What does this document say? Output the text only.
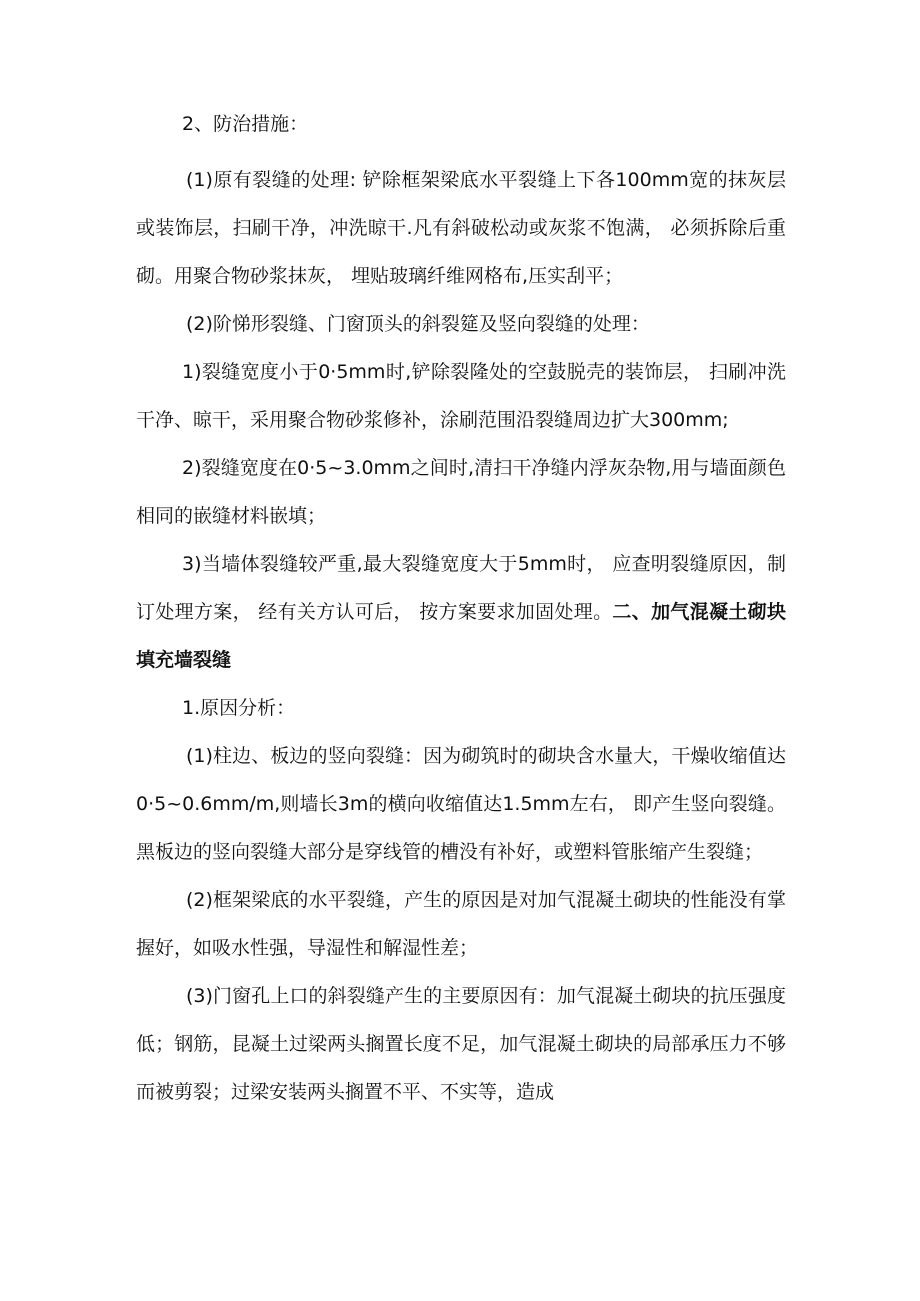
2、防治措施：

(1)原有裂缝的处理: 铲除框架梁底水平裂缝上下各100mm宽的抹灰层或装饰层，扫刷干净，冲洗晾干.凡有斜破松动或灰浆不饱满， 必须拆除后重砌。用聚合物砂浆抹灰， 埋贴玻璃纤维网格布,压实刮平；

(2)阶悌形裂缝、门窗顶头的斜裂筵及竖向裂缝的处理：

1)裂缝宽度小于0·5mm时,铲除裂隆处的空鼓脱壳的装饰层， 扫刷冲洗干净、晾干，采用聚合物砂浆修补，涂刷范围沿裂缝周边扩大300mm;

2)裂缝宽度在0·5~3.0mm之间时,清扫干净缝内浮灰杂物,用与墙面颜色相同的嵌缝材料嵌填；

3)当墙体裂缝较严重,最大裂缝宽度大于5mm时， 应查明裂缝原因，制订处理方案， 经有关方认可后， 按方案要求加固处理。二、加气混凝土砌块填充墙裂缝

1.原因分析：

(1)柱边、板边的竖向裂缝：因为砌筑时的砌块含水量大，干燥收缩值达0·5~0.6mm∕m,则墙长3m的横向收缩值达1.5mm左右， 即产生竖向裂缝。黑板边的竖向裂缝大部分是穿线管的槽没有补好，或塑料管胀缩产生裂缝；

(2)框架梁底的水平裂缝，产生的原因是对加气混凝土砌块的性能没有掌握好，如吸水性强，导湿性和解湿性差；

(3)门窗孔上口的斜裂缝产生的主要原因有：加气混凝土砌块的抗压强度低；钢筋，昆凝土过梁两头搁置长度不足，加气混凝土砌块的局部承压力不够而被剪裂；过梁安装两头搁置不平、不实等，造成
